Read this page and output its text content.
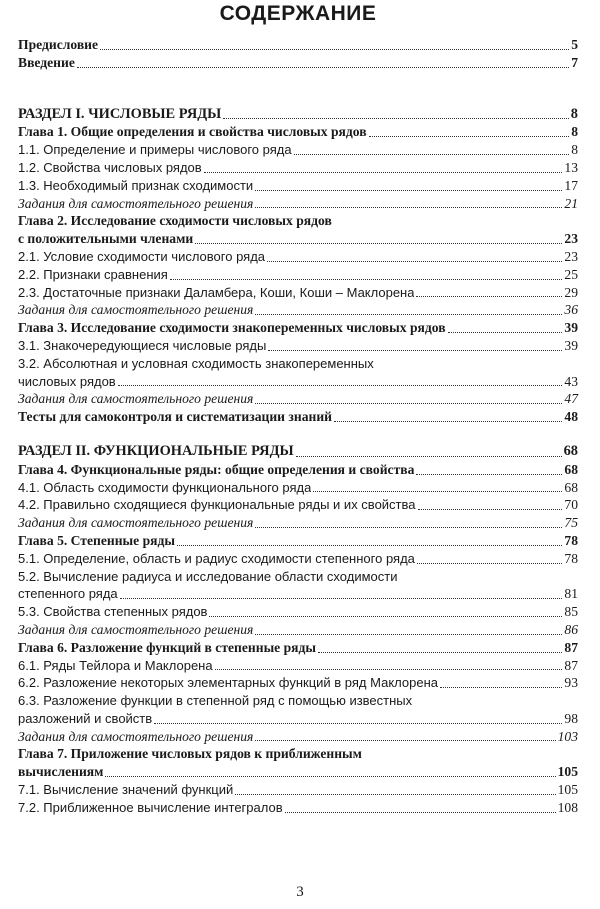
СОДЕРЖАНИЕ
Предисловие	5
Введение	7
РАЗДЕЛ I. ЧИСЛОВЫЕ РЯДЫ	8
Глава 1. Общие определения и свойства числовых рядов	8
1.1. Определение и примеры числового ряда	8
1.2. Свойства числовых рядов	13
1.3. Необходимый признак сходимости	17
Задания для самостоятельного решения	21
Глава 2. Исследование сходимости числовых рядов
с положительными членами	23
2.1. Условие сходимости числового ряда	23
2.2. Признаки сравнения	25
2.3. Достаточные признаки Даламбера, Коши, Коши – Маклорена	29
Задания для самостоятельного решения	36
Глава 3. Исследование сходимости знакопеременных числовых рядов	39
3.1. Знакочередующиеся числовые ряды	39
3.2. Абсолютная и условная сходимость знакопеременных
числовых рядов	43
Задания для самостоятельного решения	47
Тесты для самоконтроля и систематизации знаний	48
РАЗДЕЛ II. ФУНКЦИОНАЛЬНЫЕ РЯДЫ	68
Глава 4. Функциональные ряды: общие определения и свойства	68
4.1. Область сходимости функционального ряда	68
4.2. Правильно сходящиеся функциональные ряды и их свойства	70
Задания для самостоятельного решения	75
Глава 5. Степенные ряды	78
5.1. Определение, область и радиус сходимости степенного ряда	78
5.2. Вычисление радиуса и исследование области сходимости
степенного ряда	81
5.3. Свойства степенных рядов	85
Задания для самостоятельного решения	86
Глава 6. Разложение функций в степенные ряды	87
6.1. Ряды Тейлора и Маклорена	87
6.2. Разложение некоторых элементарных функций в ряд Маклорена	93
6.3. Разложение функции в степенной ряд с помощью известных
разложений и свойств	98
Задания для самостоятельного решения	103
Глава 7. Приложение числовых рядов к приближенным
вычислениям	105
7.1. Вычисление значений функций	105
7.2. Приближенное вычисление интегралов	108
3
